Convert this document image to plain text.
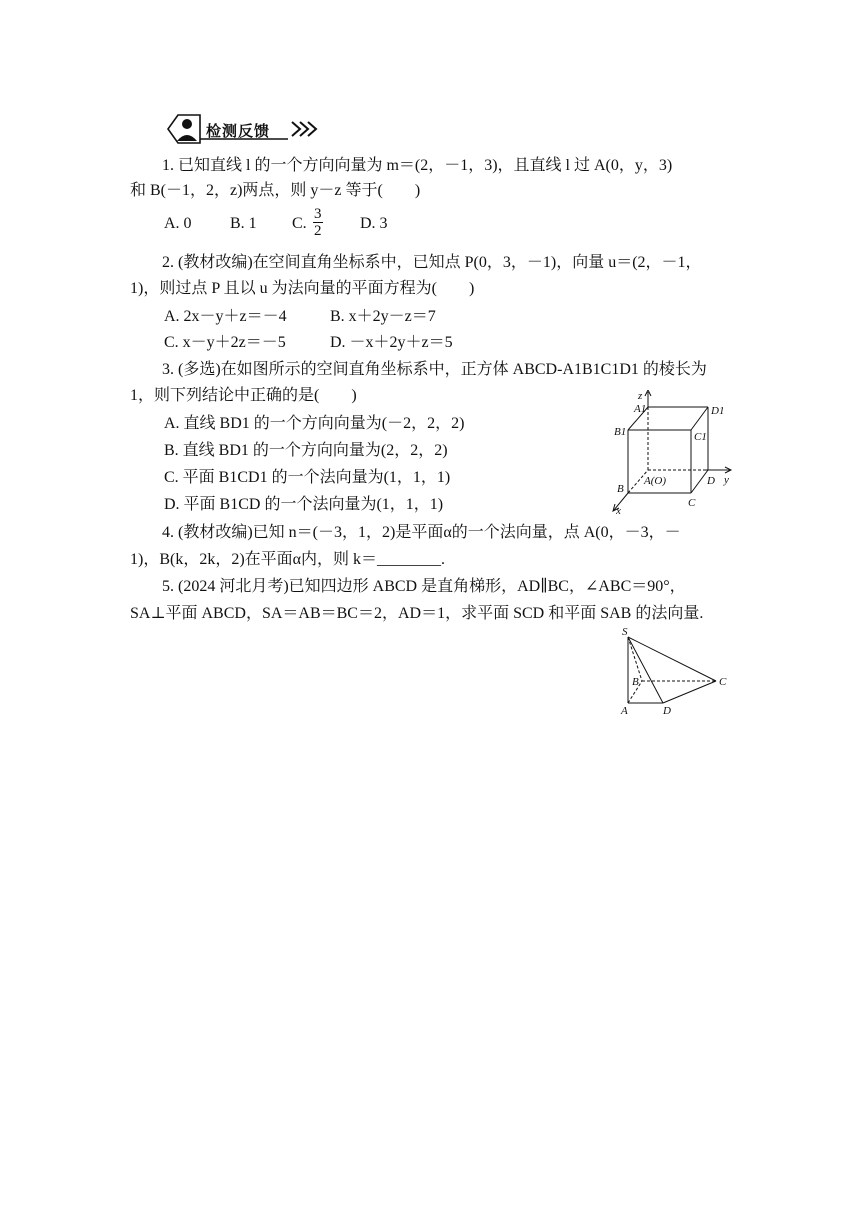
检测反馈
1. 已知直线 l 的一个方向向量为 m＝(2，－1，3)，且直线 l 过 A(0，y，3)
和 B(－1，2，z)两点，则 y－z 等于(　　)
A. 0 B. 1 C. $\frac{3}{2} D$. 3
2. (教材改编)在空间直角坐标系中，已知点 P(0，3，－1)，向量 u＝(2，－1，
1)，则过点 P 且以 u 为法向量的平面方程为(　　)
A. 2x－y＋z＝－4	B. x＋2y－z＝7
C. x－y＋2z＝－5	D. －x＋2y＋z＝5
3. (多选)在如图所示的空间直角坐标系中，正方体 ABCD-A1B1C1D1 的棱长为
1，则下列结论中正确的是(　　)
A. 直线 BD1 的一个方向向量为(－2，2，2)
B. 直线 BD1 的一个方向向量为(2，2，2)
C. 平面 B1CD1 的一个法向量为(1，1，1)
D. 平面 B1CD 的一个法向量为(1，1，1)
z
A1	D1
B1	C1
B
A(O)	D y
C
x
4. (教材改编)已知 n＝(－3，1，2)是平面α的一个法向量，点 A(0，－3，－
1)，B(k，2k，2)在平面α内，则 k＝________.
5. (2024 河北月考)已知四边形 ABCD 是直角梯形，AD∥BC，∠ABC＝90°，
SA⊥平面 ABCD，SA＝AB＝BC＝2，AD＝1，求平面 SCD 和平面 SAB 的法向量.
S
B	C
A	D
